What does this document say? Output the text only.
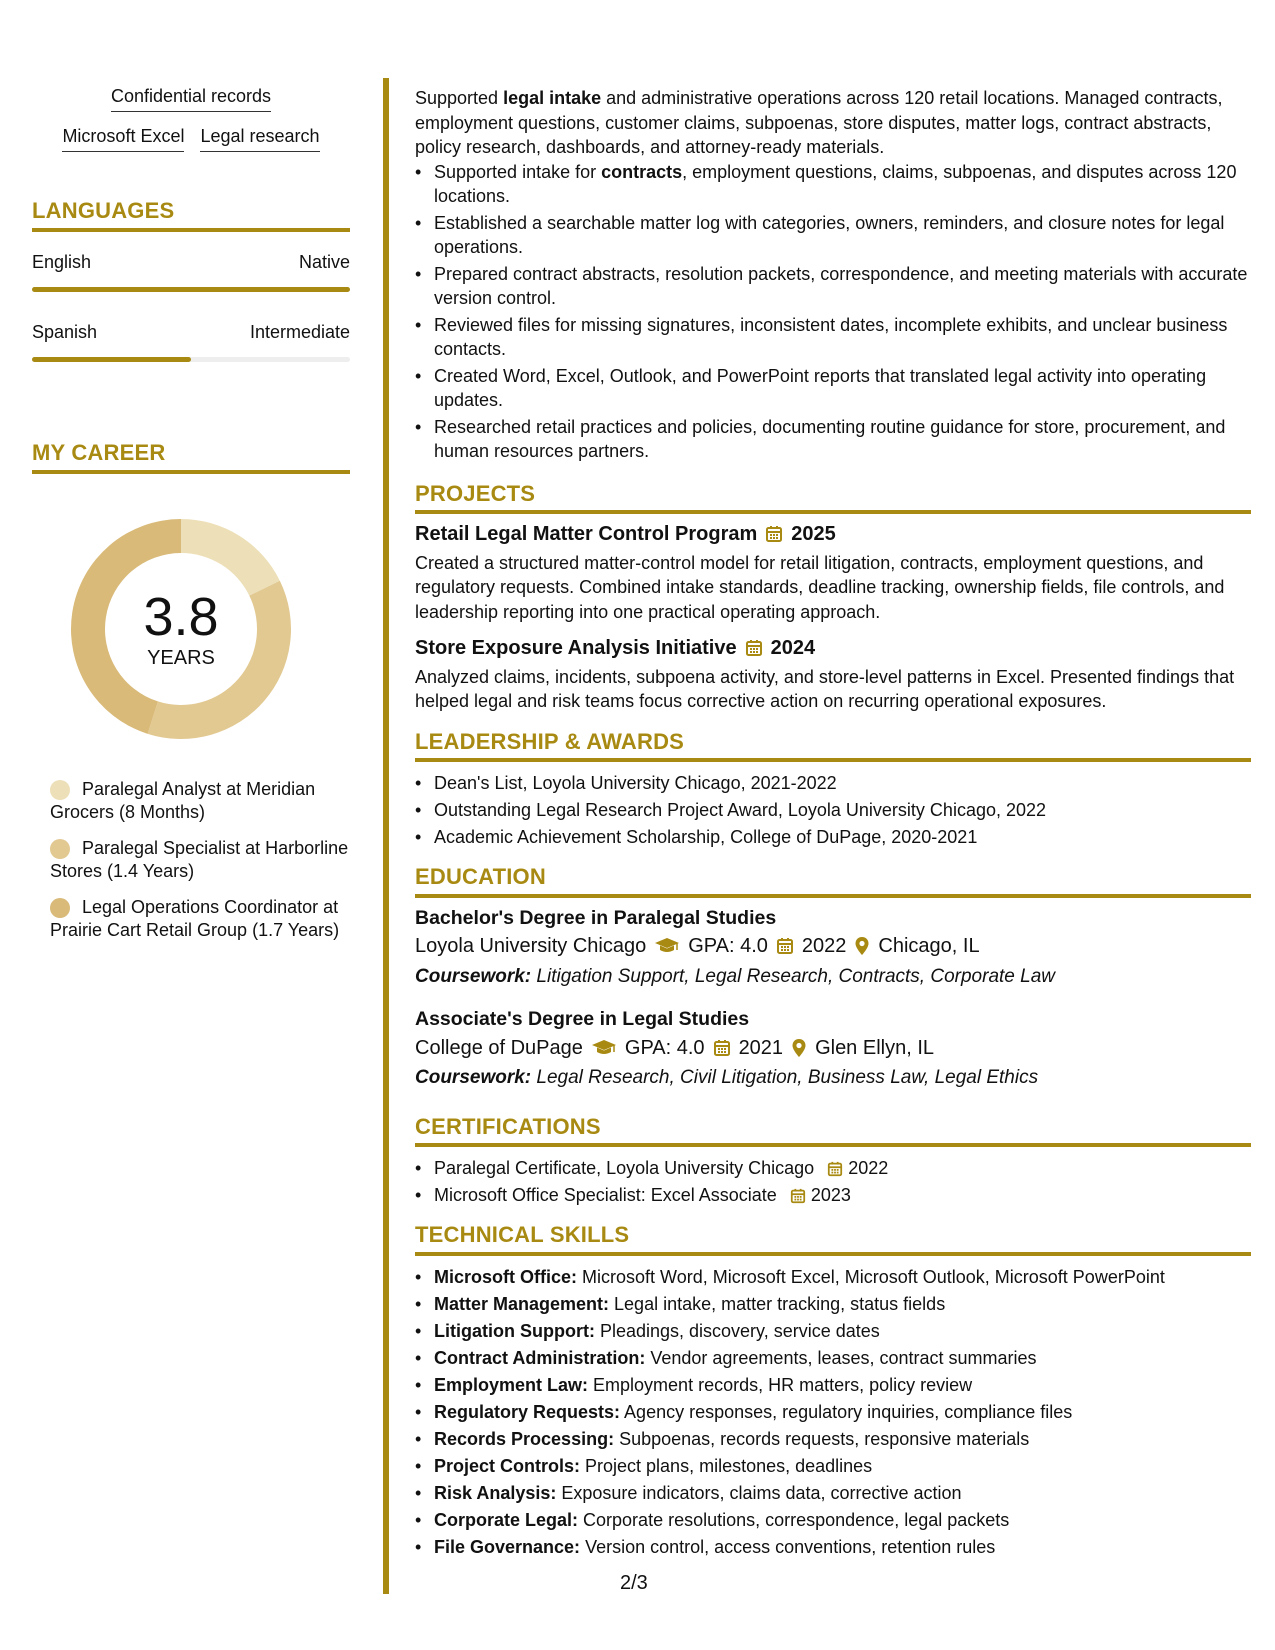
Confidential records
Microsoft Excel Legal research
LANGUAGES
English	Native
Spanish	Intermediate
MY CAREER
3.8
YEARS
Paralegal Analyst at Meridian Grocers (8 Months)
Paralegal Specialist at Harborline Stores (1.4 Years)
Legal Operations Coordinator at Prairie Cart Retail Group (1.7 Years)

Supported legal intake and administrative operations across 120 retail locations. Managed contracts, employment questions, customer claims, subpoenas, store disputes, matter logs, contract abstracts, policy research, dashboards, and attorney-ready materials.

• Supported intake for contracts, employment questions, claims, subpoenas, and disputes across 120 locations.
• Established a searchable matter log with categories, owners, reminders, and closure notes for legal operations.
• Prepared contract abstracts, resolution packets, correspondence, and meeting materials with accurate version control.
• Reviewed files for missing signatures, inconsistent dates, incomplete exhibits, and unclear business contacts.
• Created Word, Excel, Outlook, and PowerPoint reports that translated legal activity into operating updates.
• Researched retail practices and policies, documenting routine guidance for store, procurement, and human resources partners.
PROJECTS
Retail Legal Matter Control Program 2025

Created a structured matter-control model for retail litigation, contracts, employment questions, and regulatory requests. Combined intake standards, deadline tracking, ownership fields, file controls, and leadership reporting into one practical operating approach.

Store Exposure Analysis Initiative 2024

Analyzed claims, incidents, subpoena activity, and store-level patterns in Excel. Presented findings that helped legal and risk teams focus corrective action on recurring operational exposures.

LEADERSHIP & AWARDS
• Dean's List, Loyola University Chicago, 2021-2022
• Outstanding Legal Research Project Award, Loyola University Chicago, 2022
• Academic Achievement Scholarship, College of DuPage, 2020-2021
EDUCATION
Bachelor's Degree in Paralegal Studies
Loyola University Chicago GPA: 4.0 2022 Chicago, IL
Coursework: Litigation Support, Legal Research, Contracts, Corporate Law
Associate's Degree in Legal Studies
College of DuPage GPA: 4.0 2021 Glen Ellyn, IL
Coursework: Legal Research, Civil Litigation, Business Law, Legal Ethics
CERTIFICATIONS
• Paralegal Certificate, Loyola University Chicago 2022
• Microsoft Office Specialist: Excel Associate 2023
TECHNICAL SKILLS
• Microsoft Office: Microsoft Word, Microsoft Excel, Microsoft Outlook, Microsoft PowerPoint
• Matter Management: Legal intake, matter tracking, status fields
• Litigation Support: Pleadings, discovery, service dates
• Contract Administration: Vendor agreements, leases, contract summaries
• Employment Law: Employment records, HR matters, policy review
• Regulatory Requests: Agency responses, regulatory inquiries, compliance files
• Records Processing: Subpoenas, records requests, responsive materials
• Project Controls: Project plans, milestones, deadlines
• Risk Analysis: Exposure indicators, claims data, corrective action
• Corporate Legal: Corporate resolutions, correspondence, legal packets
• File Governance: Version control, access conventions, retention rules
2/3
